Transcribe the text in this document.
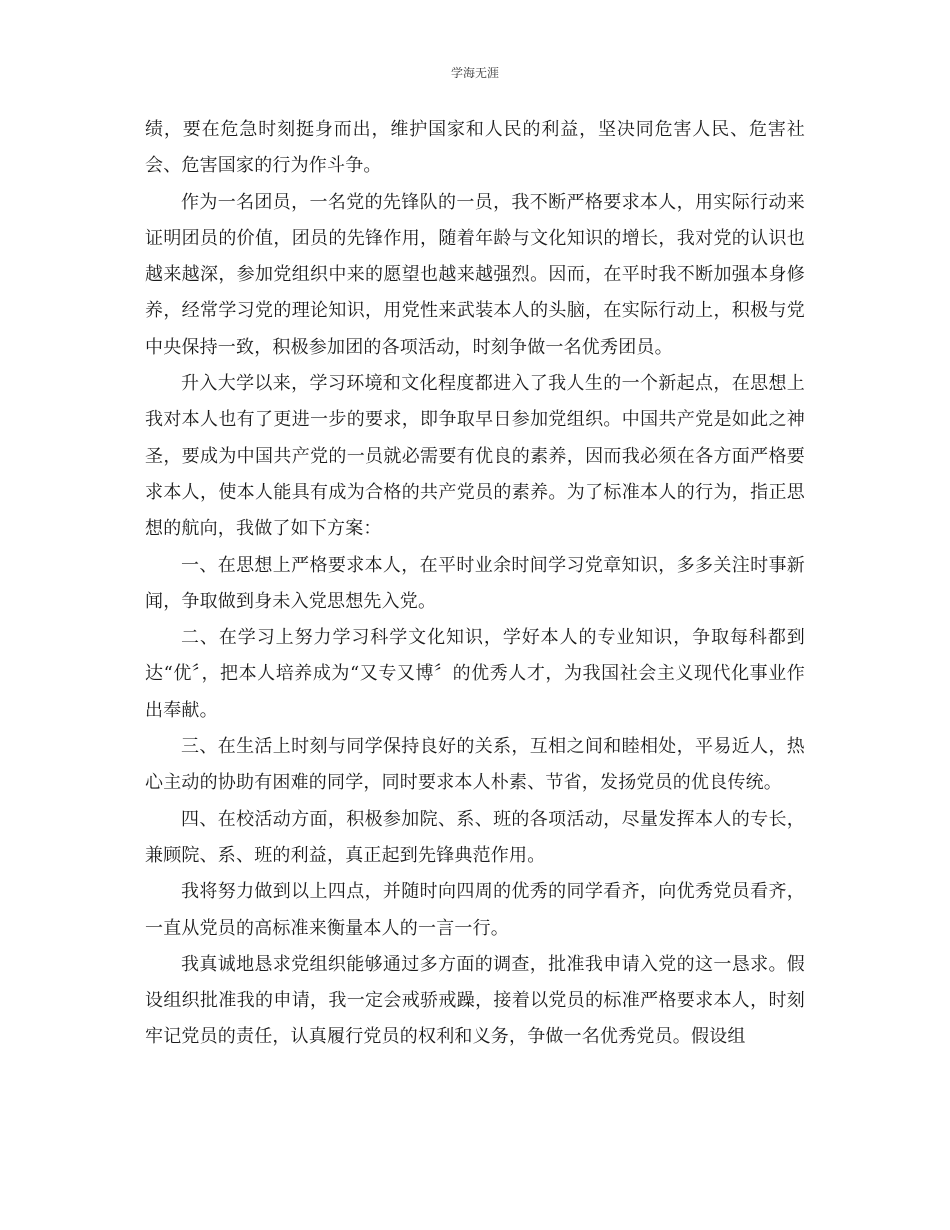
学海无涯

绩，要在危急时刻挺身而出，维护国家和人民的利益，坚决同危害人民、危害社会、危害国家的行为作斗争。

作为一名团员，一名党的先锋队的一员，我不断严格要求本人，用实际行动来证明团员的价值，团员的先锋作用，随着年龄与文化知识的增长，我对党的认识也越来越深，参加党组织中来的愿望也越来越强烈。因而，在平时我不断加强本身修养，经常学习党的理论知识，用党性来武装本人的头脑，在实际行动上，积极与党中央保持一致，积极参加团的各项活动，时刻争做一名优秀团员。

升入大学以来，学习环境和文化程度都进入了我人生的一个新起点，在思想上我对本人也有了更进一步的要求，即争取早日参加党组织。中国共产党是如此之神圣，要成为中国共产党的一员就必需要有优良的素养，因而我必须在各方面严格要求本人，使本人能具有成为合格的共产党员的素养。为了标准本人的行为，指正思想的航向，我做了如下方案：

一、在思想上严格要求本人，在平时业余时间学习党章知识，多多关注时事新闻，争取做到身未入党思想先入党。

二、在学习上努力学习科学文化知识，学好本人的专业知识，争取每科都到达“优〞，把本人培养成为“又专又博〞的优秀人才，为我国社会主义现代化事业作出奉献。

三、在生活上时刻与同学保持良好的关系，互相之间和睦相处，平易近人，热心主动的协助有困难的同学，同时要求本人朴素、节省，发扬党员的优良传统。

四、在校活动方面，积极参加院、系、班的各项活动，尽量发挥本人的专长，兼顾院、系、班的利益，真正起到先锋典范作用。

我将努力做到以上四点，并随时向四周的优秀的同学看齐，向优秀党员看齐，一直从党员的高标准来衡量本人的一言一行。

我真诚地恳求党组织能够通过多方面的调查，批准我申请入党的这一恳求。假设组织批准我的申请，我一定会戒骄戒躁，接着以党员的标准严格要求本人，时刻牢记党员的责任，认真履行党员的权利和义务，争做一名优秀党员。假设组
